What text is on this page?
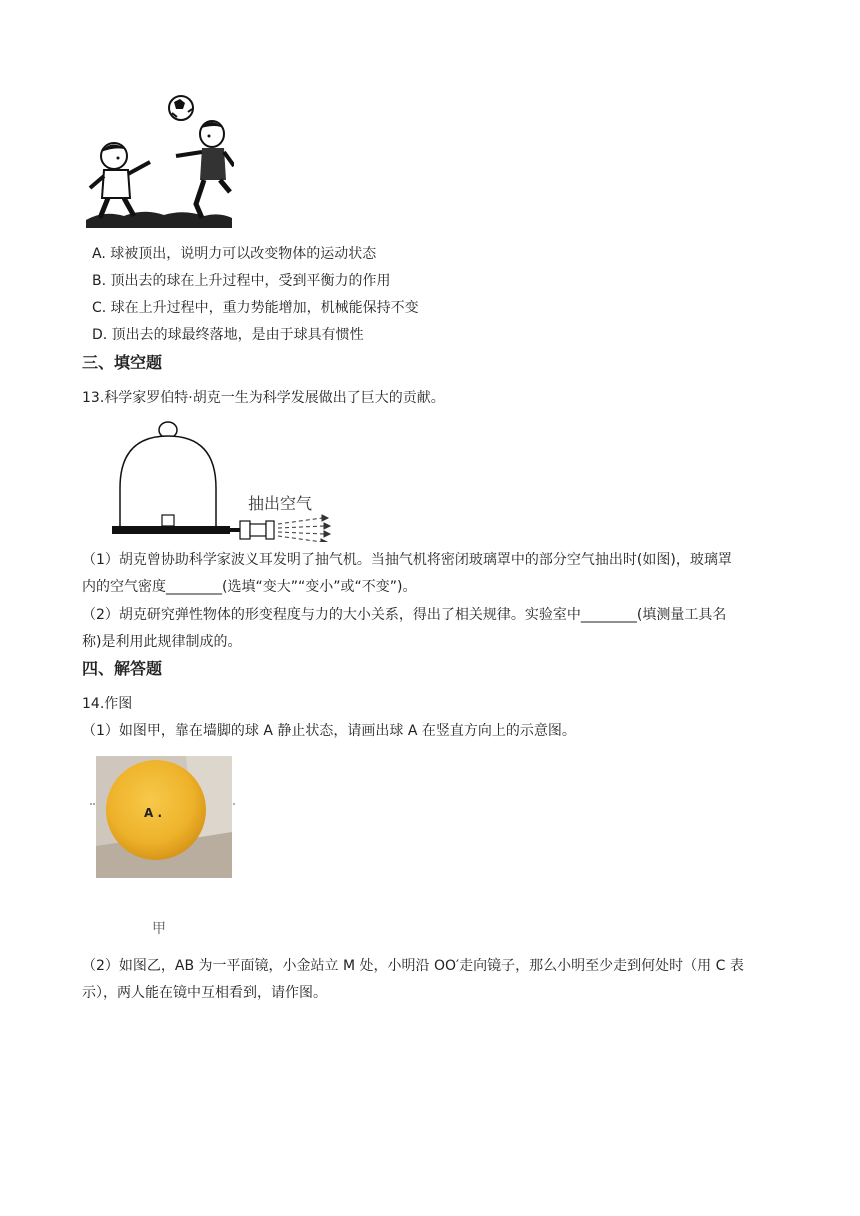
A. 球被顶出，说明力可以改变物体的运动状态
B. 顶出去的球在上升过程中，受到平衡力的作用
C. 球在上升过程中，重力势能增加，机械能保持不变
D. 顶出去的球最终落地，是由于球具有惯性
三、填空题
13.科学家罗伯特·胡克一生为科学发展做出了巨大的贡献。
抽出空气
（1）胡克曾协助科学家波义耳发明了抽气机。当抽气机将密闭玻璃罩中的部分空气抽出时(如图)，玻璃罩
内的空气密度________(选填“变大”“变小”或“不变”)。
（2）胡克研究弹性物体的形变程度与力的大小关系，得出了相关规律。实验室中________(填测量工具名
称)是利用此规律制成的。
四、解答题
14.作图
（1）如图甲，靠在墙脚的球 A 静止状态，请画出球 A 在竖直方向上的示意图。
A .
甲
（2）如图乙，AB 为一平面镜，小金站立 M 处，小明沿 OO′走向镜子，那么小明至少走到何处时（用 C 表
示），两人能在镜中互相看到，请作图。
